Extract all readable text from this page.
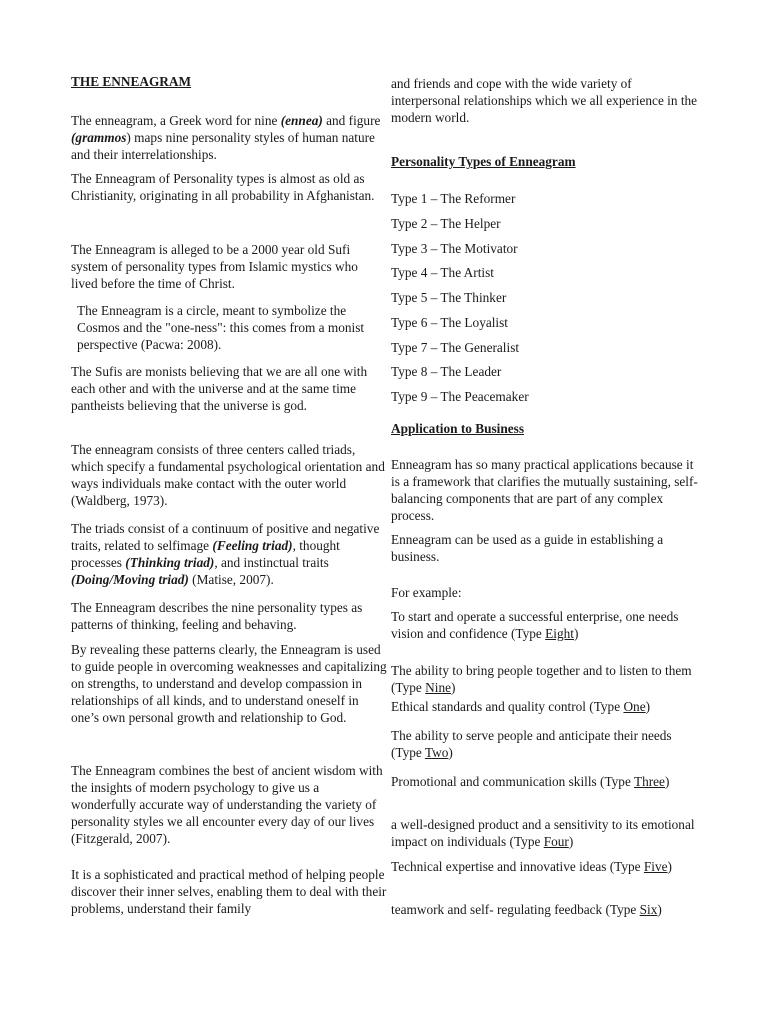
THE ENNEAGRAM

The enneagram, a Greek word for nine (ennea) and figure (grammos) maps nine personality styles of human nature and their interrelationships.

The Enneagram of Personality types is almost as old as Christianity, originating in all probability in Afghanistan.

The Enneagram is alleged to be a 2000 year old Sufi system of personality types from Islamic mystics who lived before the time of Christ.

The Enneagram is a circle, meant to symbolize the Cosmos and the "one-ness": this comes from a monist perspective (Pacwa: 2008).

The Sufis are monists believing that we are all one with each other and with the universe and at the same time pantheists believing that the universe is god.

The enneagram consists of three centers called triads, which specify a fundamental psychological orientation and ways individuals make contact with the outer world (Waldberg, 1973).

The triads consist of a continuum of positive and negative traits, related to selfimage (Feeling triad), thought processes (Thinking triad), and instinctual traits (Doing/Moving triad) (Matise, 2007).

The Enneagram describes the nine personality types as patterns of thinking, feeling and behaving.

By revealing these patterns clearly, the Enneagram is used to guide people in overcoming weaknesses and capitalizing on strengths, to understand and develop compassion in relationships of all kinds, and to understand oneself in one’s own personal growth and relationship to God.

The Enneagram combines the best of ancient wisdom with the insights of modern psychology to give us a wonderfully accurate way of understanding the variety of personality styles we all encounter every day of our lives (Fitzgerald, 2007).

It is a sophisticated and practical method of helping people discover their inner selves, enabling them to deal with their problems, understand their family

and friends and cope with the wide variety of interpersonal relationships which we all experience in the modern world.

Personality Types of Enneagram

Type 1 – The Reformer

Type 2 – The Helper

Type 3 – The Motivator

Type 4 – The Artist

Type 5 – The Thinker

Type 6 – The Loyalist

Type 7 – The Generalist

Type 8 – The Leader

Type 9 – The Peacemaker

Application to Business

Enneagram has so many practical applications because it is a framework that clarifies the mutually sustaining, self-balancing components that are part of any complex process.

Enneagram can be used as a guide in establishing a business.

For example:

To start and operate a successful enterprise, one needs vision and confidence (Type Eight)

The ability to bring people together and to listen to them (Type Nine)

Ethical standards and quality control (Type One)

The ability to serve people and anticipate their needs (Type Two)

Promotional and communication skills (Type Three)

a well-designed product and a sensitivity to its emotional impact on individuals (Type Four)

Technical expertise and innovative ideas (Type Five)

teamwork and self- regulating feedback (Type Six)
